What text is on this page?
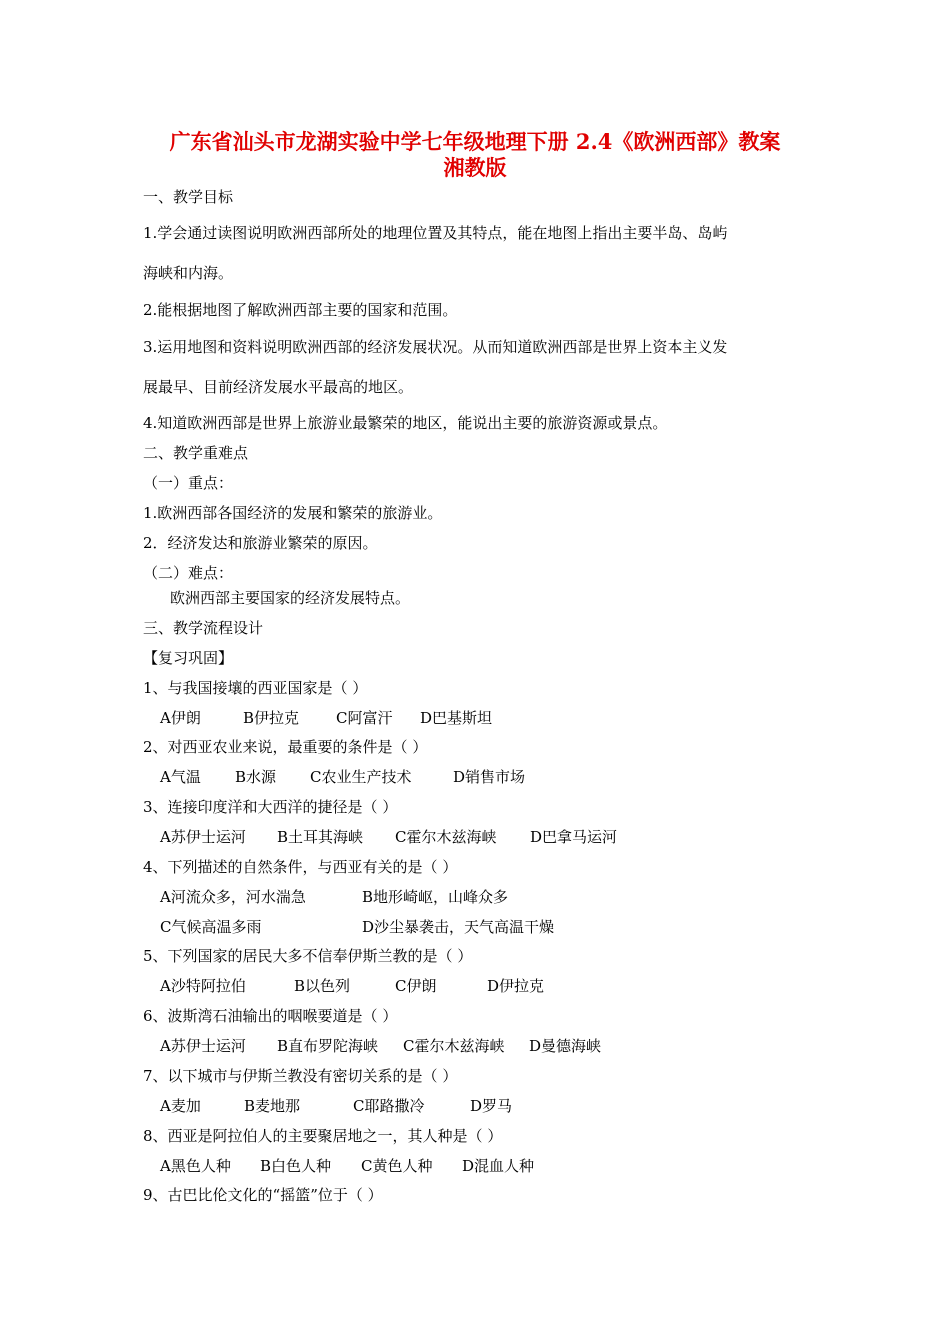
广东省汕头市龙湖实验中学七年级地理下册 2.4《欧洲西部》教案
湘教版
一、教学目标
1.学会通过读图说明欧洲西部所处的地理位置及其特点，能在地图上指出主要半岛、岛屿
海峡和内海。
2.能根据地图了解欧洲西部主要的国家和范围。
3.运用地图和资料说明欧洲西部的经济发展状况。从而知道欧洲西部是世界上资本主义发
展最早、目前经济发展水平最高的地区。
4.知道欧洲西部是世界上旅游业最繁荣的地区，能说出主要的旅游资源或景点。
二、教学重难点
（一）重点：
1.欧洲西部各国经济的发展和繁荣的旅游业。
2．经济发达和旅游业繁荣的原因。
（二）难点：
欧洲西部主要国家的经济发展特点。
三、教学流程设计
【复习巩固】
1、与我国接壤的西亚国家是（ ）
A伊朗	B伊拉克 C阿富汗 D巴基斯坦
2、对西亚农业来说，最重要的条件是（ ）
A气温 B水源 C农业生产技术	D销售市场
3、连接印度洋和大西洋的捷径是（ ）
A苏伊士运河 B土耳其海峡 C霍尔木兹海峡 D巴拿马运河
4、下列描述的自然条件，与西亚有关的是（ ）
A河流众多，河水湍急	B地形崎岖，山峰众多
C气候高温多雨	D沙尘暴袭击，天气高温干燥
5、下列国家的居民大多不信奉伊斯兰教的是（ ）
A沙特阿拉伯	B以色列	C伊朗	D伊拉克
6、波斯湾石油输出的咽喉要道是（ ）
A苏伊士运河 B直布罗陀海峡 C霍尔木兹海峡 D曼德海峡
7、以下城市与伊斯兰教没有密切关系的是（ ）
A麦加	B麦地那	C耶路撒冷	D罗马
8、西亚是阿拉伯人的主要聚居地之一，其人种是（ ）
A黑色人种 B白色人种 C黄色人种 D混血人种
9、古巴比伦文化的“摇篮”位于（ ）
